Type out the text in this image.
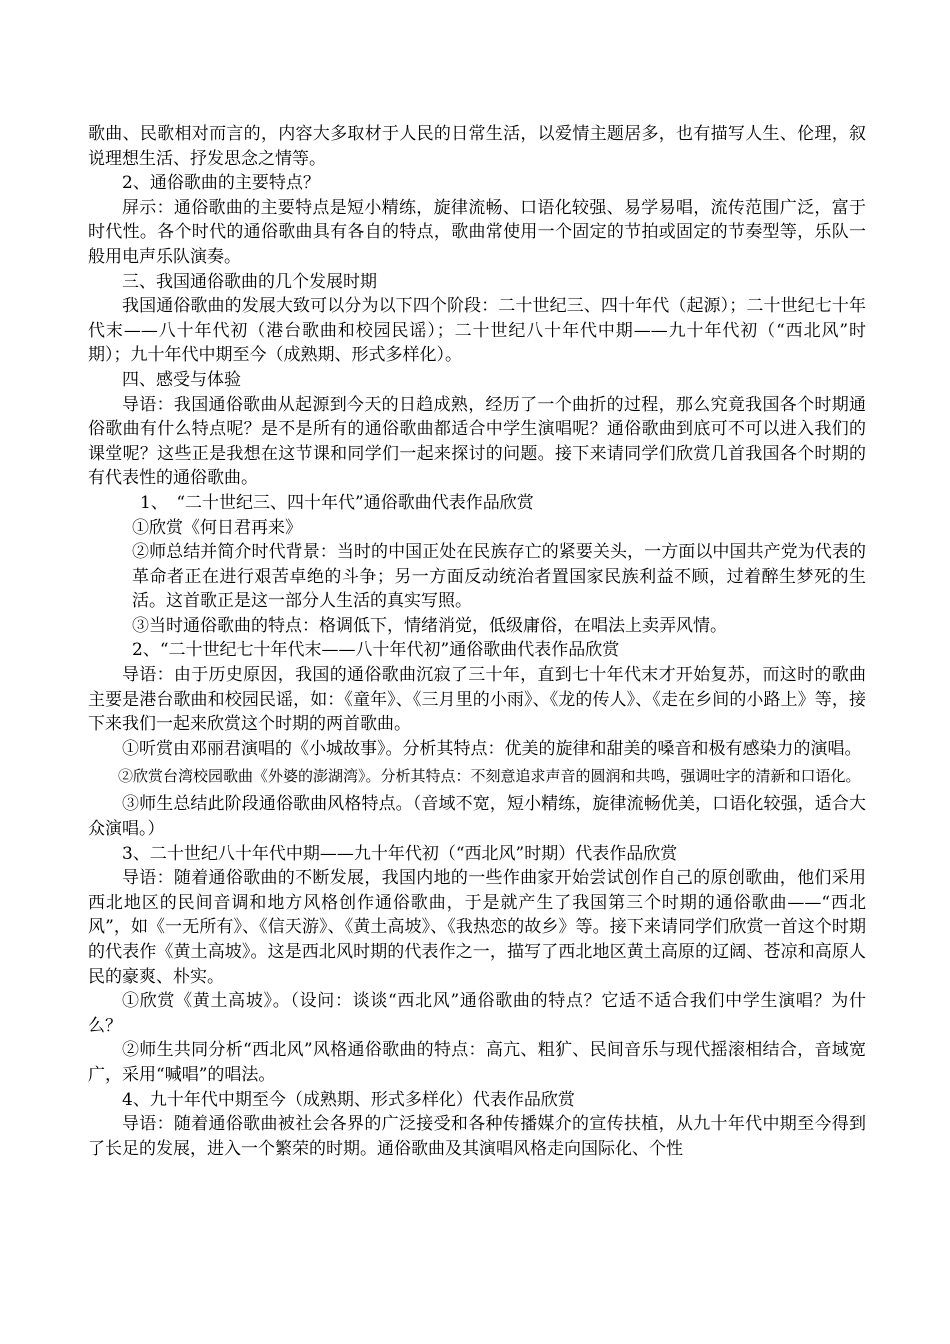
歌曲、民歌相对而言的，内容大多取材于人民的日常生活，以爱情主题居多，也有描写人生、伦理，叙说理想生活、抒发思念之情等。

2、通俗歌曲的主要特点？

屏示：通俗歌曲的主要特点是短小精练，旋律流畅、口语化较强、易学易唱，流传范围广泛，富于时代性。各个时代的通俗歌曲具有各自的特点，歌曲常使用一个固定的节拍或固定的节奏型等，乐队一般用电声乐队演奏。

三、我国通俗歌曲的几个发展时期

我国通俗歌曲的发展大致可以分为以下四个阶段：二十世纪三、四十年代（起源）；二十世纪七十年代末——八十年代初（港台歌曲和校园民谣）；二十世纪八十年代中期——九十年代初（“西北风”时期）；九十年代中期至今（成熟期、形式多样化）。

四、感受与体验

导语：我国通俗歌曲从起源到今天的日趋成熟，经历了一个曲折的过程，那么究竟我国各个时期通俗歌曲有什么特点呢？是不是所有的通俗歌曲都适合中学生演唱呢？通俗歌曲到底可不可以进入我们的课堂呢？这些正是我想在这节课和同学们一起来探讨的问题。接下来请同学们欣赏几首我国各个时期的有代表性的通俗歌曲。

1、　“二十世纪三、四十年代”通俗歌曲代表作品欣赏

①欣赏《何日君再来》

②师总结并简介时代背景：当时的中国正处在民族存亡的紧要关头，一方面以中国共产党为代表的革命者正在进行艰苦卓绝的斗争；另一方面反动统治者置国家民族利益不顾，过着醉生梦死的生活。这首歌正是这一部分人生活的真实写照。

③当时通俗歌曲的特点：格调低下，情绪消觉，低级庸俗，在唱法上卖弄风情。

2、“二十世纪七十年代末——八十年代初”通俗歌曲代表作品欣赏

导语：由于历史原因，我国的通俗歌曲沉寂了三十年，直到七十年代末才开始复苏，而这时的歌曲主要是港台歌曲和校园民谣，如：《童年》、《三月里的小雨》、《龙的传人》、《走在乡间的小路上》等，接下来我们一起来欣赏这个时期的两首歌曲。

①听赏由邓丽君演唱的《小城故事》。分析其特点：优美的旋律和甜美的嗓音和极有感染力的演唱。

②欣赏台湾校园歌曲《外婆的澎湖湾》。分析其特点：不刻意追求声音的圆润和共鸣，强调吐字的清新和口语化。

③师生总结此阶段通俗歌曲风格特点。（音域不宽，短小精练，旋律流畅优美，口语化较强，适合大众演唱。）

3、二十世纪八十年代中期——九十年代初（“西北风”时期）代表作品欣赏

导语：随着通俗歌曲的不断发展，我国内地的一些作曲家开始尝试创作自己的原创歌曲，他们采用西北地区的民间音调和地方风格创作通俗歌曲，于是就产生了我国第三个时期的通俗歌曲——“西北风”，如《一无所有》、《信天游》、《黄土高坡》、《我热恋的故乡》等。接下来请同学们欣赏一首这个时期的代表作《黄土高坡》。这是西北风时期的代表作之一，描写了西北地区黄土高原的辽阔、苍凉和高原人民的豪爽、朴实。

①欣赏《黄土高坡》。（设问：谈谈“西北风”通俗歌曲的特点？它适不适合我们中学生演唱？为什么？

②师生共同分析“西北风”风格通俗歌曲的特点：高亢、粗犷、民间音乐与现代摇滚相结合，音域宽广，采用“喊唱”的唱法。

4、九十年代中期至今（成熟期、形式多样化）代表作品欣赏

导语：随着通俗歌曲被社会各界的广泛接受和各种传播媒介的宣传扶植，从九十年代中期至今得到了长足的发展，进入一个繁荣的时期。通俗歌曲及其演唱风格走向国际化、个性
